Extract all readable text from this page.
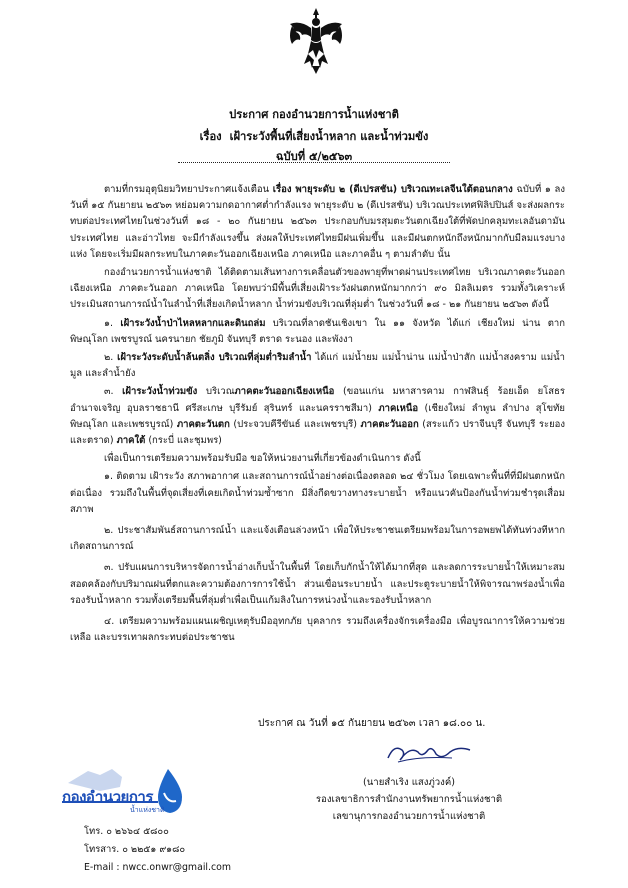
ประกาศ กองอำนวยการน้ำแห่งชาติ
เรื่อง เฝ้าระวังพื้นที่เสี่ยงน้ำหลาก และน้ำท่วมขัง
ฉบับที่ ๕/๒๕๖๓

ตามที่กรมอุตุนิยมวิทยาประกาศแจ้งเตือน เรื่อง พายุระดับ ๒ (ดีเปรสชัน) บริเวณทะเลจีนใต้ตอนกลาง ฉบับที่ ๑ ลงวันที่ ๑๕ กันยายน ๒๕๖๓ หย่อมความกดอากาศต่ำกำลังแรง พายุระดับ ๒ (ดีเปรสชัน) บริเวณประเทศฟิลิปปินส์ จะส่งผลกระทบต่อประเทศไทยในช่วงวันที่ ๑๘ - ๒๐ กันยายน ๒๕๖๓ ประกอบกับมรสุมตะวันตกเฉียงใต้ที่พัดปกคลุมทะเลอันดามัน ประเทศไทย และอ่าวไทย จะมีกำลังแรงขึ้น ส่งผลให้ประเทศไทยมีฝนเพิ่มขึ้น และมีฝนตกหนักถึงหนักมากกับมีลมแรงบางแห่ง โดยจะเริ่มมีผลกระทบในภาคตะวันออกเฉียงเหนือ ภาคเหนือ และภาคอื่น ๆ ตามลำดับ นั้น

กองอำนวยการน้ำแห่งชาติ ได้ติดตามเส้นทางการเคลื่อนตัวของพายุที่พาดผ่านประเทศไทย บริเวณภาคตะวันออกเฉียงเหนือ ภาคตะวันออก ภาคเหนือ โดยพบว่ามีพื้นที่เสี่ยงเฝ้าระวังฝนตกหนักมากกว่า ๙๐ มิลลิเมตร รวมทั้งวิเคราะห์ ประเมินสถานการณ์น้ำในลำน้ำที่เสี่ยงเกิดน้ำหลาก น้ำท่วมขังบริเวณที่ลุ่มต่ำ ในช่วงวันที่ ๑๘ - ๒๑ กันยายน ๒๕๖๓ ดังนี้

๑. เฝ้าระวังน้ำป่าไหลหลากและดินถล่ม บริเวณที่ลาดชันเชิงเขา ใน ๑๑ จังหวัด ได้แก่ เชียงใหม่ น่าน ตาก พิษณุโลก เพชรบูรณ์ นครนายก ชัยภูมิ จันทบุรี ตราด ระนอง และพังงา

๒. เฝ้าระวังระดับน้ำล้นตลิ่ง บริเวณที่ลุ่มต่ำริมลำน้ำ ได้แก่ แม่น้ำยม แม่น้ำน่าน แม่น้ำป่าสัก แม่น้ำสงคราม แม่น้ำมูล และลำน้ำยัง

๓. เฝ้าระวังน้ำท่วมขัง บริเวณภาคตะวันออกเฉียงเหนือ (ขอนแก่น มหาสารคาม กาฬสินธุ์ ร้อยเอ็ด ยโสธร อำนาจเจริญ อุบลราชธานี ศรีสะเกษ บุรีรัมย์ สุรินทร์ และนครราชสีมา) ภาคเหนือ (เชียงใหม่ ลำพูน ลำปาง สุโขทัย พิษณุโลก และเพชรบูรณ์) ภาคตะวันตก (ประจวบคีรีขันธ์ และเพชรบุรี) ภาคตะวันออก (สระแก้ว ปราจีนบุรี จันทบุรี ระยอง และตราด) ภาคใต้ (กระบี่ และชุมพร)

เพื่อเป็นการเตรียมความพร้อมรับมือ ขอให้หน่วยงานที่เกี่ยวข้องดำเนินการ ดังนี้

๑. ติดตาม เฝ้าระวัง สภาพอากาศ และสถานการณ์น้ำอย่างต่อเนื่องตลอด ๒๔ ชั่วโมง โดยเฉพาะพื้นที่ที่มีฝนตกหนักต่อเนื่อง รวมถึงในพื้นที่จุดเสี่ยงที่เคยเกิดน้ำท่วมซ้ำซาก มีสิ่งกีดขวางทางระบายน้ำ หรือแนวคันป้องกันน้ำท่วมชำรุดเสื่อมสภาพ

๒. ประชาสัมพันธ์สถานการณ์น้ำ และแจ้งเตือนล่วงหน้า เพื่อให้ประชาชนเตรียมพร้อมในการอพยพได้ทันท่วงทีหากเกิดสถานการณ์

๓. ปรับแผนการบริหารจัดการน้ำอ่างเก็บน้ำในพื้นที่ โดยเก็บกักน้ำให้ได้มากที่สุด และลดการระบายน้ำให้เหมาะสมสอดคล้องกับปริมาณฝนที่ตกและความต้องการการใช้น้ำ ส่วนเขื่อนระบายน้ำ และประตูระบายน้ำให้พิจารณาพร่องน้ำเพื่อรองรับน้ำหลาก รวมทั้งเตรียมพื้นที่ลุ่มต่ำเพื่อเป็นแก้มลิงในการหน่วงน้ำและรองรับน้ำหลาก

๔. เตรียมความพร้อมแผนเผชิญเหตุรับมืออุทกภัย บุคลากร รวมถึงเครื่องจักรเครื่องมือ เพื่อบูรณาการให้ความช่วยเหลือ และบรรเทาผลกระทบต่อประชาชน

ประกาศ ณ วันที่ ๑๕ กันยายน ๒๕๖๓ เวลา ๑๘.๐๐ น.
(นายสำเริง แสงภู่วงค์)
รองเลขาธิการสำนักงานทรัพยากรน้ำแห่งชาติ
เลขานุการกองอำนวยการน้ำแห่งชาติ
กองอำนวยการ
น้ำแห่งชาติ
โทร. ๐ ๒๖๖๔ ๕๘๐๐
โทรสาร. ๐ ๒๒๕๑ ๙๑๘๐
E-mail : nwcc.onwr@gmail.com
